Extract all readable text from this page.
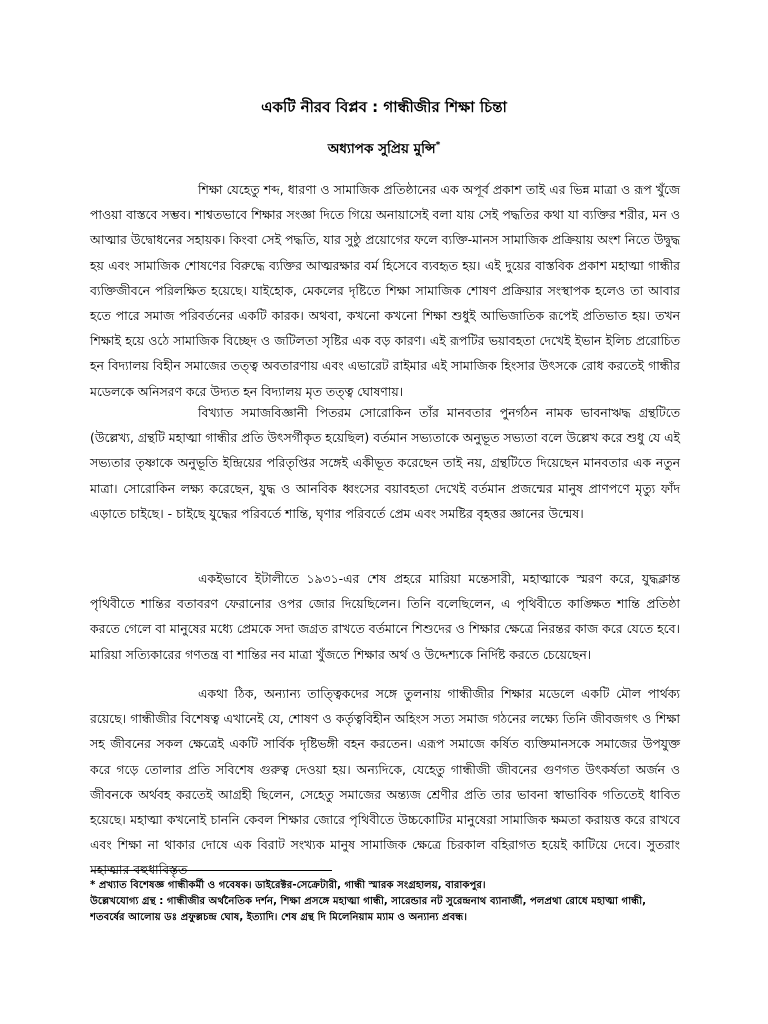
একটি নীরব বিপ্লব : গান্ধীজীর শিক্ষা চিন্তা
অধ্যাপক সুপ্রিয় মুন্সি*
শিক্ষা যেহেতু শব্দ, ধারণা ও সামাজিক প্রতিষ্ঠানের এক অপূর্ব প্রকাশ তাই এর ভিন্ন মাত্রা ও রূপ খুঁজে পাওয়া বাস্তবে সম্ভব। শাশ্বতভাবে শিক্ষার সংজ্ঞা দিতে গিয়ে অনায়াসেই বলা যায় সেই পদ্ধতির কথা যা ব্যক্তির শরীর, মন ও আত্মার উদ্বোধনের সহায়ক। কিংবা সেই পদ্ধতি, যার সুষ্ঠু প্রয়োগের ফলে ব্যক্তি-মানস সামাজিক প্রক্রিয়ায় অংশ নিতে উদ্বুদ্ধ হয় এবং সামাজিক শোষণের বিরুদ্ধে ব্যক্তির আত্মরক্ষার বর্ম হিসেবে ব্যবহৃত হয়। এই দুয়ের বাস্তবিক প্রকাশ মহাত্মা গান্ধীর ব্যক্তিজীবনে পরিলক্ষিত হয়েছে। যাইহোক, মেকলের দৃষ্টিতে শিক্ষা সামাজিক শোষণ প্রক্রিয়ার সংস্থাপক হলেও তা আবার হতে পারে সমাজ পরিবর্তনের একটি কারক। অথবা, কখনো কখনো শিক্ষা শুধুই আভিজাতিক রূপেই প্রতিভাত হয়। তখন শিক্ষাই হয়ে ওঠে সামাজিক বিচ্ছেদ ও জটিলতা সৃষ্টির এক বড় কারণ। এই রূপটির ভয়াবহতা দেখেই ইভান ইলিচ প্ররোচিত হন বিদ্যালয় বিহীন সমাজের তত্ত্ব অবতারণায় এবং এভারেট রাইমার এই সামাজিক হিংসার উৎসকে রোধ করতেই গান্ধীর মডেলকে অনিসরণ করে উদ্যত হন বিদ্যালয় মৃত তত্ত্ব ঘোষণায়।
বিখ্যাত সমাজবিজ্ঞানী পিতরম সোরোকিন তাঁর মানবতার পুনর্গঠন নামক ভাবনাঋদ্ধ গ্রন্থটিতে (উল্লেখ্য, গ্রন্থটি মহাত্মা গান্ধীর প্রতি উৎসর্গীকৃত হয়েছিল) বর্তমান সভ্যতাকে অনুভূত সভ্যতা বলে উল্লেখ করে শুধু যে এই সভ্যতার তৃষ্ণাকে অনুভূতি ইন্দ্রিয়ের পরিতৃপ্তির সঙ্গেই একীভূত করেছেন তাই নয়, গ্রন্থটিতে দিয়েছেন মানবতার এক নতুন মাত্রা। সোরোকিন লক্ষ্য করেছেন, যুদ্ধ ও আনবিক ধ্বংসের বয়াবহতা দেখেই বর্তমান প্রজন্মের মানুষ প্রাণপণে মৃত্যু ফাঁদ এড়াতে চাইছে। - চাইছে যুদ্ধের পরিবর্তে শান্তি, ঘৃণার পরিবর্তে প্রেম এবং সমষ্টির বৃহত্তর জ্ঞানের উন্মেষ।
একইভাবে ইটালীতে ১৯৩১-এর শেষ প্রহরে মারিয়া মন্তেসারী, মহাত্মাকে স্মরণ করে, যুদ্ধক্লান্ত পৃথিবীতে শান্তির বতাবরণ ফেরানোর ওপর জোর দিয়েছিলেন। তিনি বলেছিলেন, এ পৃথিবীতে কাঙ্ক্ষিত শান্তি প্রতিষ্ঠা করতে গেলে বা মানুষের মধ্যে প্রেমকে সদা জগ্রত রাখতে বর্তমানে শিশুদের ও শিক্ষার ক্ষেত্রে নিরন্তর কাজ করে যেতে হবে। মারিয়া সত্যিকারের গণতন্ত্র বা শান্তির নব মাত্রা খুঁজতে শিক্ষার অর্থ ও উদ্দেশ্যকে নির্দিষ্ট করতে চেয়েছেন।
একথা ঠিক, অন্যান্য তাত্ত্বিকদের সঙ্গে তুলনায় গান্ধীজীর শিক্ষার মডেলে একটি মৌল পার্থক্য রয়েছে। গান্ধীজীর বিশেষত্ব এখানেই যে, শোষণ ও কর্তৃত্ববিহীন অহিংস সত্য সমাজ গঠনের লক্ষ্যে তিনি জীবজগৎ ও শিক্ষা সহ জীবনের সকল ক্ষেত্রেই একটি সার্বিক দৃষ্টিভঙ্গী বহন করতেন। এরূপ সমাজে কর্ষিত ব্যক্তিমানসকে সমাজের উপযুক্ত করে গড়ে তোলার প্রতি সবিশেষ গুরুত্ব দেওয়া হয়। অন্যদিকে, যেহেতু গান্ধীজী জীবনের গুণগত উৎকর্ষতা অর্জন ও জীবনকে অর্থবহ করতেই আগ্রহী ছিলেন, সেহেতু সমাজের অন্ত্যজ শ্রেণীর প্রতি তার ভাবনা স্বাভাবিক গতিতেই ধাবিত হয়েছে। মহাত্মা কখনোই চাননি কেবল শিক্ষার জোরে পৃথিবীতে উচ্চকোটির মানুষেরা সামাজিক ক্ষমতা করায়ত্ত করে রাখবে এবং শিক্ষা না থাকার দোষে এক বিরাট সংখ্যক মানুষ সামাজিক ক্ষেত্রে চিরকাল বহিরাগত হয়েই কাটিয়ে দেবে। সুতরাং মহাত্মার বহুধাবিস্তৃত
* প্রখ্যাত বিশেষজ্ঞ গান্ধীকর্মী ও গবেষক। ডাইরেক্টর-সেক্রেটারী, গান্ধী স্মারক সংগ্রহালয়, বারাকপুর।
উল্লেখযোগ্য গ্রন্থ : গান্ধীজীর অর্থনৈতিক দর্শন, শিক্ষা প্রসঙ্গে মহাত্মা গান্ধী, সারেন্ডার নট সুরেন্দ্রনাথ ব্যানার্জী, পলপ্রথা রোধে মহাত্মা গান্ধী,
শতবর্ষের আলোয় ডঃ প্রফুল্লচন্দ্র ঘোষ, ইত্যাদি। শেষ গ্রন্থ দি মিলেনিয়াম ম্যাম ও অন্যান্য প্রবন্ধ।
